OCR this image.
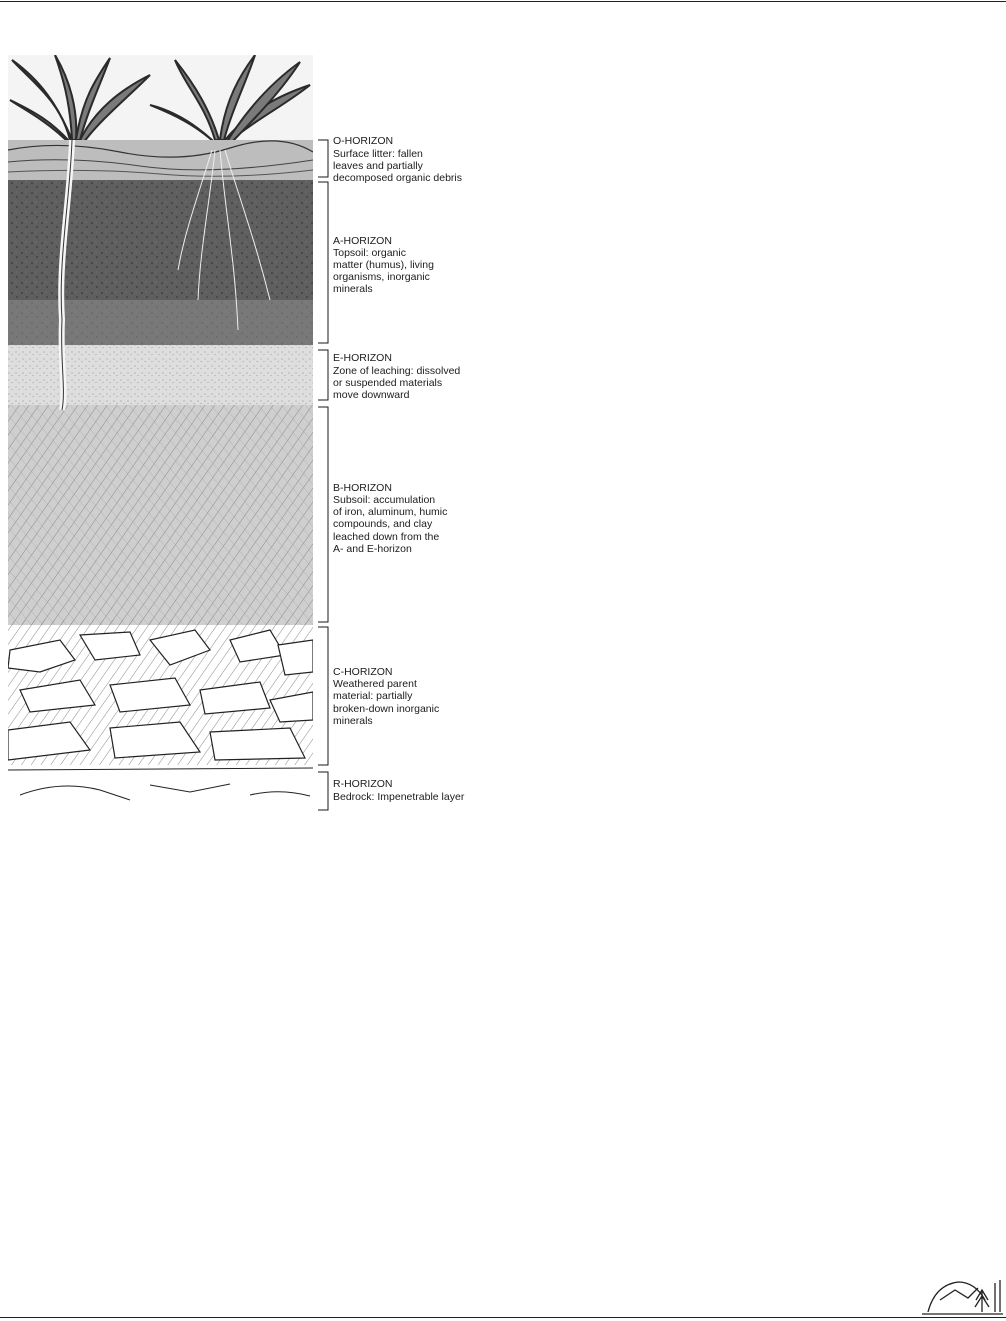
O-HORIZON
Surface litter: fallen
leaves and partially
decomposed organic debris
A-HORIZON
Topsoil: organic
matter (humus), living
organisms, inorganic
minerals
E-HORIZON
Zone of leaching: dissolved
or suspended materials
move downward
B-HORIZON
Subsoil: accumulation
of iron, aluminum, humic
compounds, and clay
leached down from the
A- and E-horizon
C-HORIZON
Weathered parent
material: partially
broken-down inorganic
minerals
R-HORIZON
Bedrock: Impenetrable layer
